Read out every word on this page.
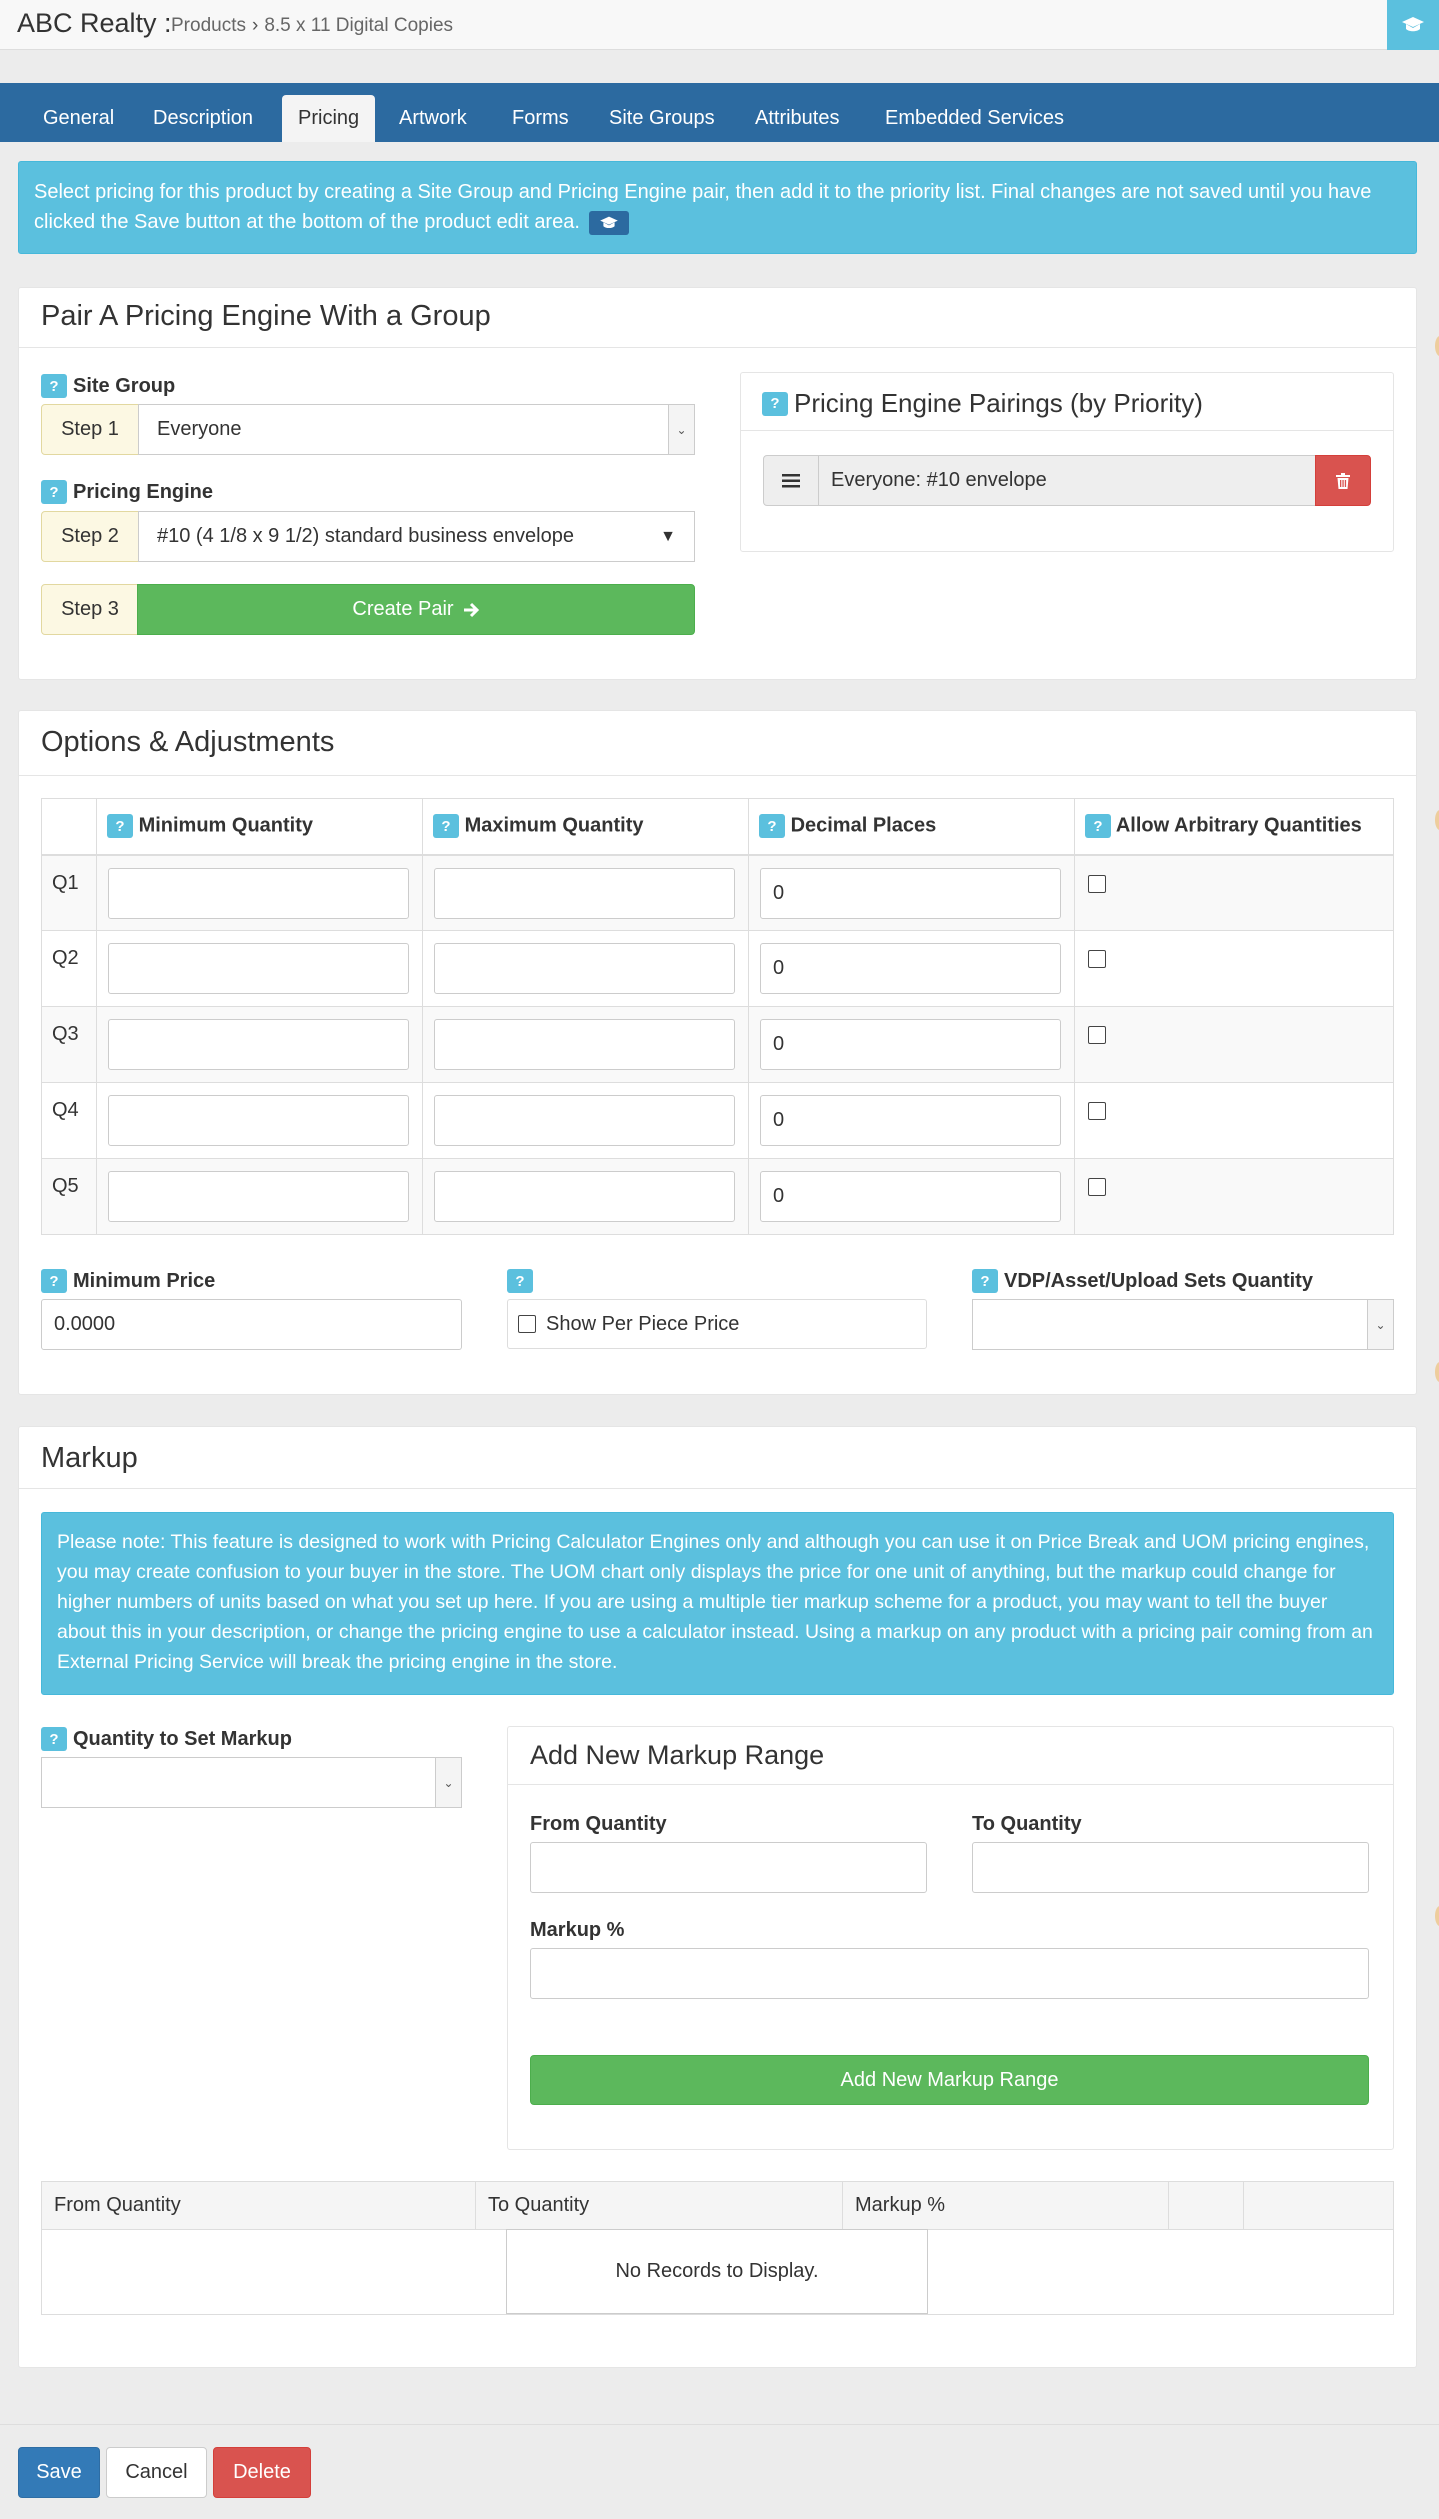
ABC Realty : Products › 8.5 x 11 Digital Copies
General	Description	Pricing	Artwork	Forms	Site Groups	Attributes	Embedded Services
Select pricing for this product by creating a Site Group and Pricing Engine pair, then add it to the priority list. Final changes are not saved until you have clicked the Save button at the bottom of the product edit area.
Pair A Pricing Engine With a Group
? Site Group
Step 1	Everyone	⌄
? Pricing Engine
Step 2	#10 (4 1/8 x 9 1/2) standard business envelope	▼
Step 3	Create Pair
? Pricing Engine Pairings (by Priority)
Everyone: #10 envelope
Options & Adjustments
	? Minimum Quantity	? Maximum Quantity	? Decimal Places	? Allow Arbitrary Quantities
Q1			0	

Q2			0	

Q3			0	

Q4			0	

Q5			0	

? Minimum Price
0.0000
?
Show Per Piece Price
? VDP/Asset/Upload Sets Quantity
⌄
Markup
Please note: This feature is designed to work with Pricing Calculator Engines only and although you can use it on Price Break and UOM pricing engines, you may create confusion to your buyer in the store. The UOM chart only displays the price for one unit of anything, but the markup could change for higher numbers of units based on what you set up here. If you are using a multiple tier markup scheme for a product, you may want to tell the buyer about this in your description, or change the pricing engine to use a calculator instead. Using a markup on any product with a pricing pair coming from an External Pricing Service will break the pricing engine in the store.
? Quantity to Set Markup
⌄
Add New Markup Range
From Quantity	To Quantity
Markup %
Add New Markup Range
From Quantity	To Quantity	Markup %		

No Records to Display.
Save	Cancel	Delete
